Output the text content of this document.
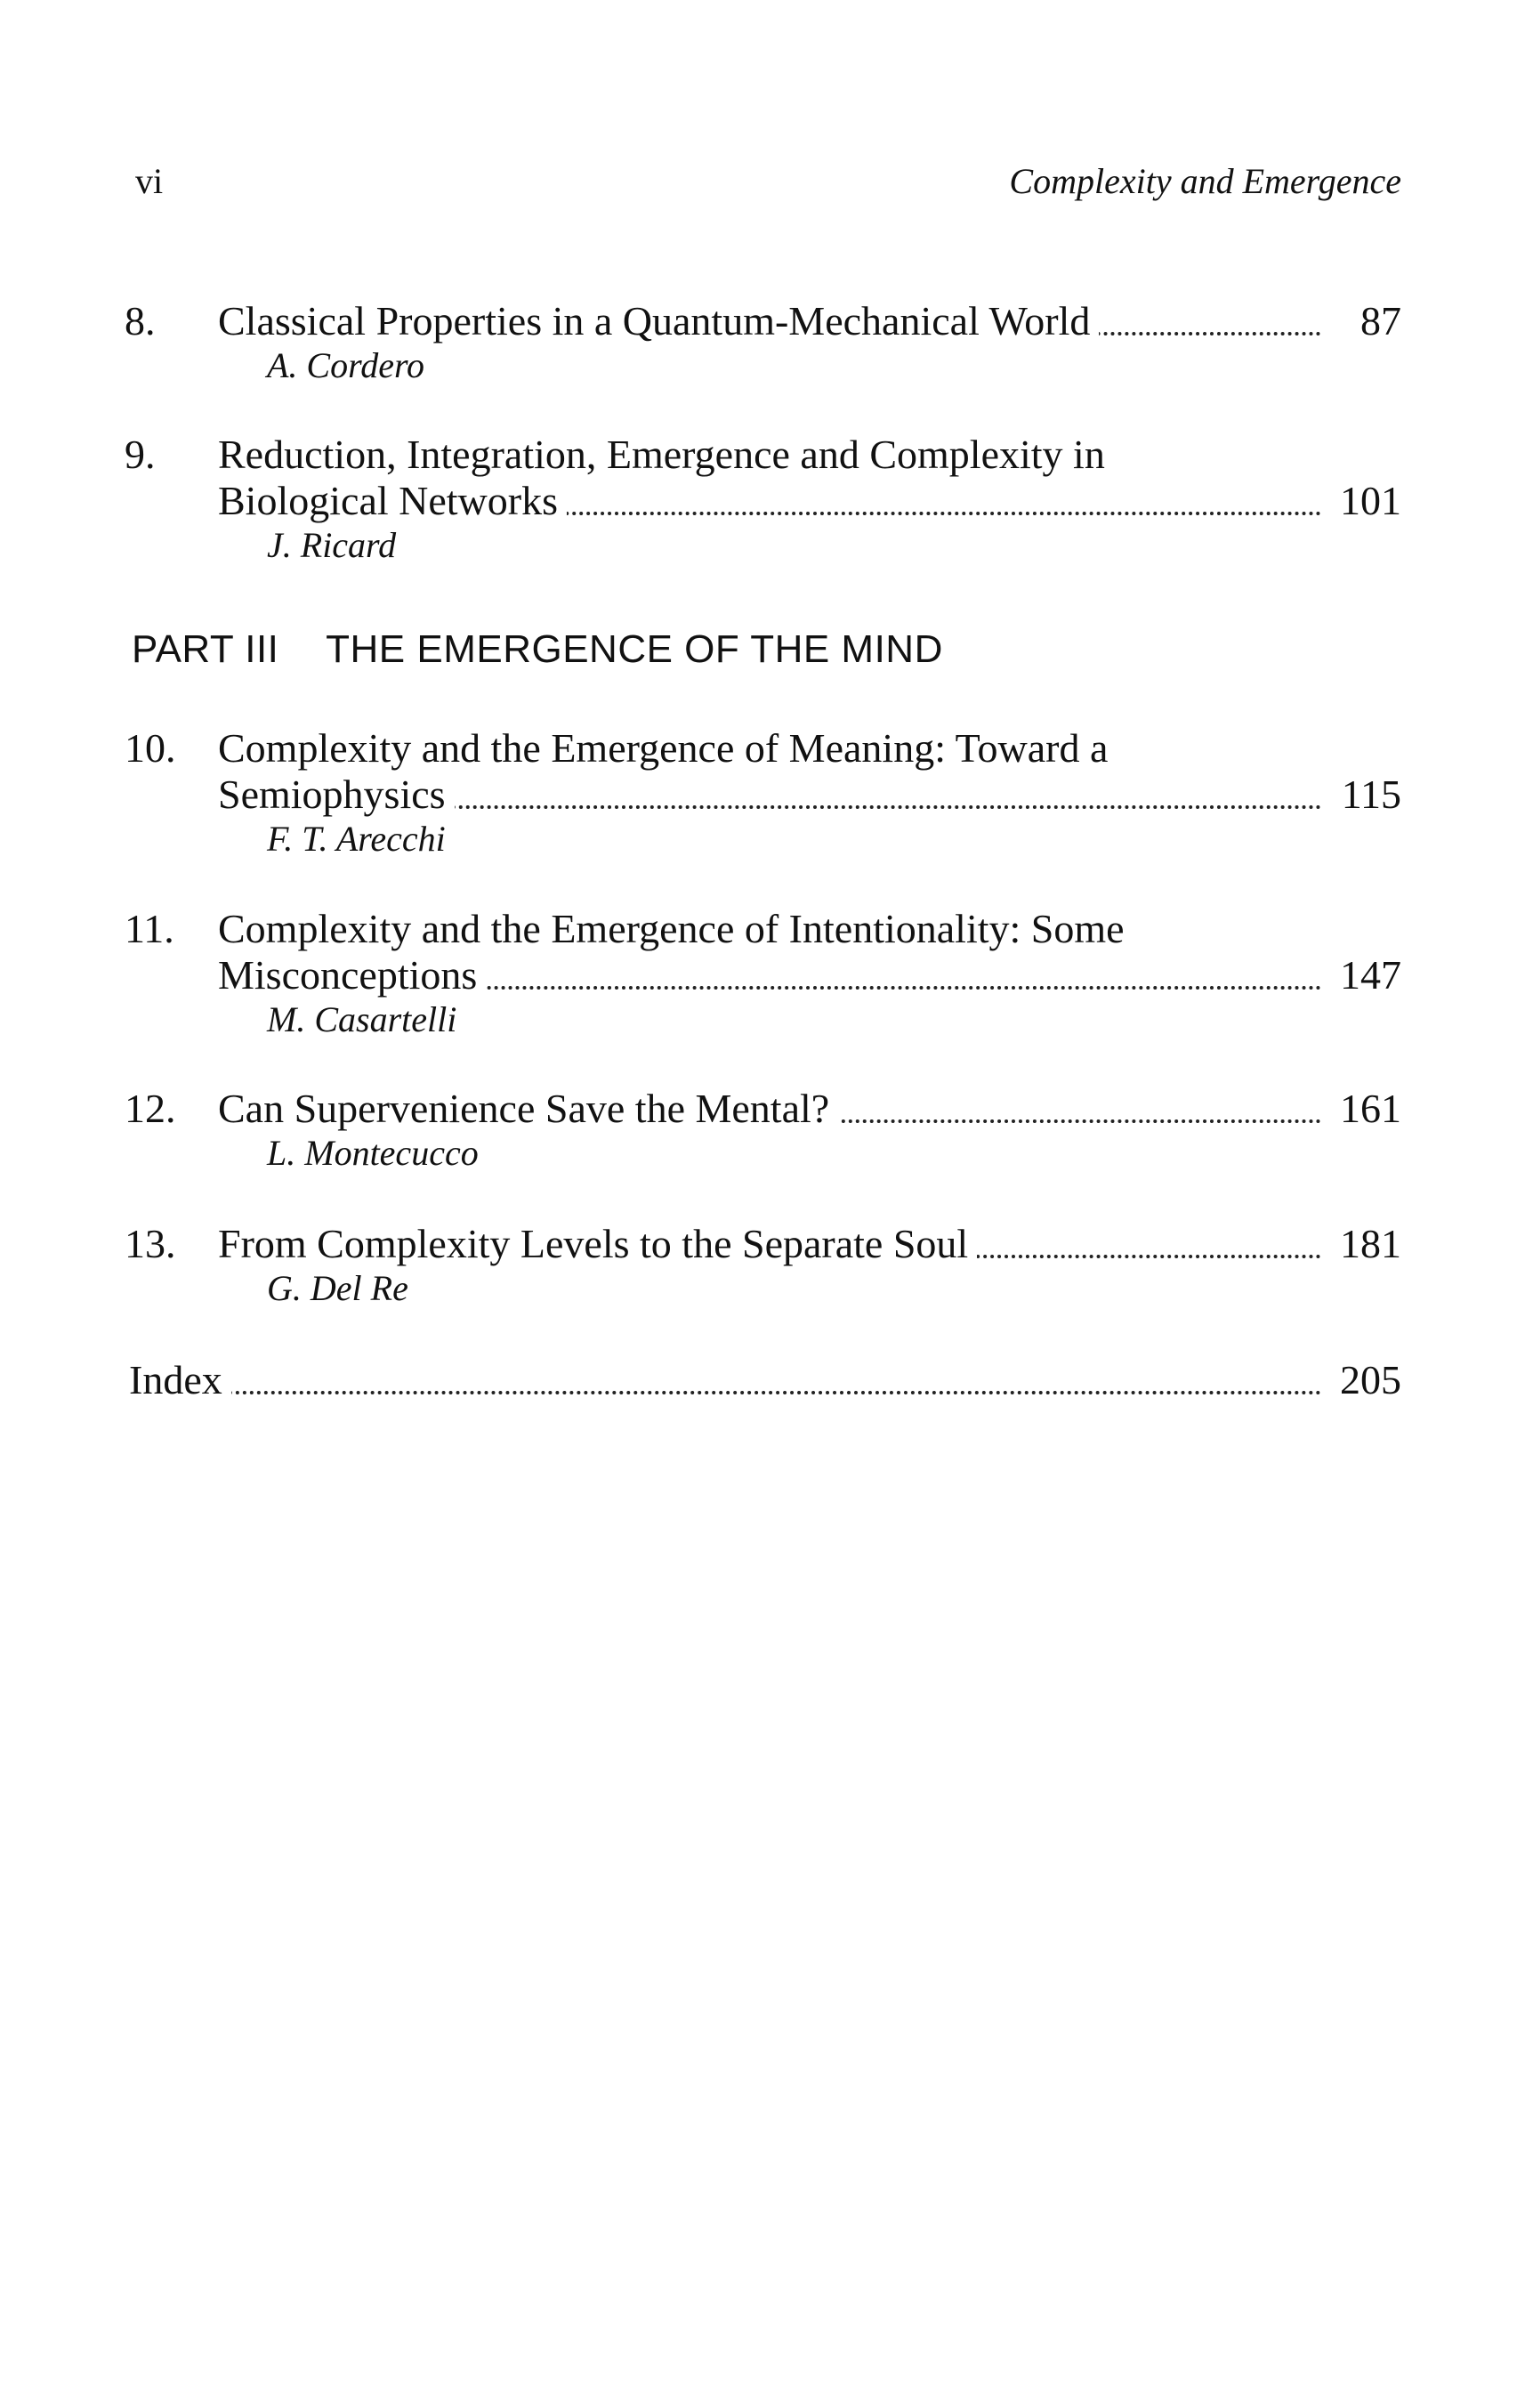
vi	Complexity and Emergence
8. Classical Properties in a Quantum-Mechanical World	87
A. Cordero
9. Reduction, Integration, Emergence and Complexity in
Biological Networks	101
J. Ricard
PART III THE EMERGENCE OF THE MIND
10. Complexity and the Emergence of Meaning: Toward a
Semiophysics	115
F. T. Arecchi
11. Complexity and the Emergence of Intentionality: Some
Misconceptions	147
M. Casartelli
12. Can Supervenience Save the Mental?	161
L. Montecucco
13. From Complexity Levels to the Separate Soul	181
G. Del Re
Index	205
